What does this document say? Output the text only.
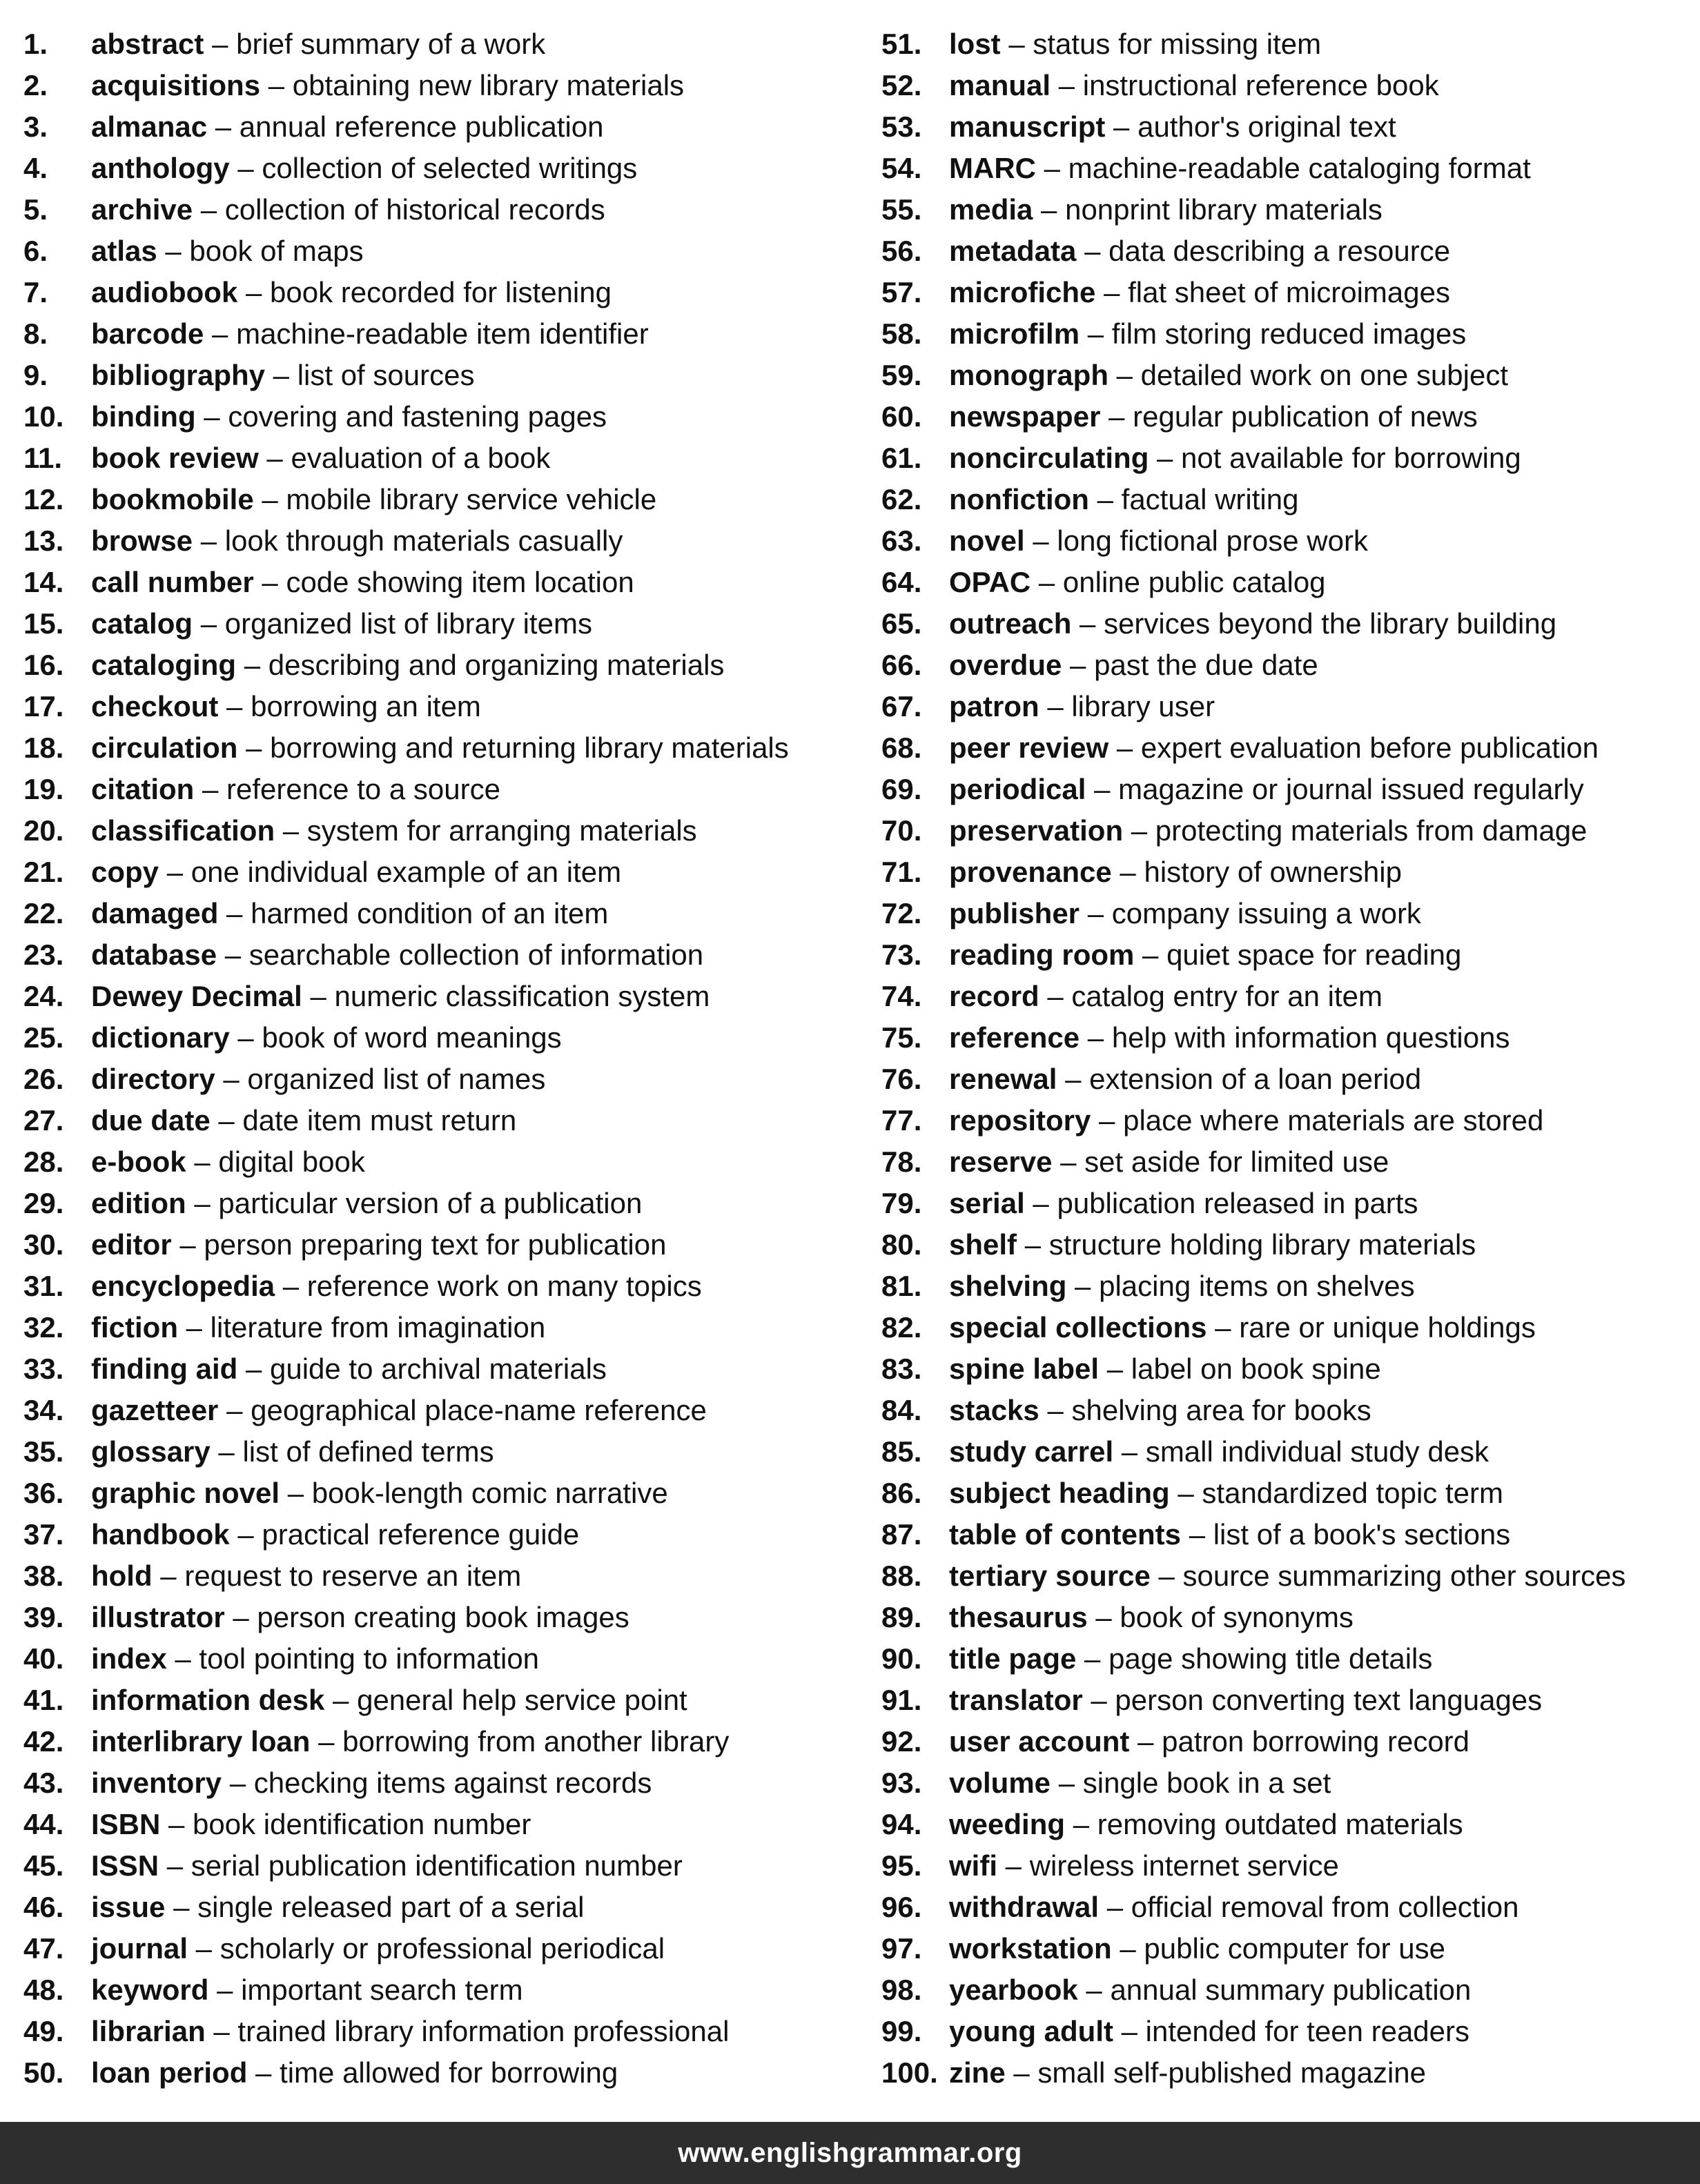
1. abstract – brief summary of a work
2. acquisitions – obtaining new library materials
3. almanac – annual reference publication
4. anthology – collection of selected writings
5. archive – collection of historical records
6. atlas – book of maps
7. audiobook – book recorded for listening
8. barcode – machine-readable item identifier
9. bibliography – list of sources
10. binding – covering and fastening pages
11. book review – evaluation of a book
12. bookmobile – mobile library service vehicle
13. browse – look through materials casually
14. call number – code showing item location
15. catalog – organized list of library items
16. cataloging – describing and organizing materials
17. checkout – borrowing an item
18. circulation – borrowing and returning library materials
19. citation – reference to a source
20. classification – system for arranging materials
21. copy – one individual example of an item
22. damaged – harmed condition of an item
23. database – searchable collection of information
24. Dewey Decimal – numeric classification system
25. dictionary – book of word meanings
26. directory – organized list of names
27. due date – date item must return
28. e-book – digital book
29. edition – particular version of a publication
30. editor – person preparing text for publication
31. encyclopedia – reference work on many topics
32. fiction – literature from imagination
33. finding aid – guide to archival materials
34. gazetteer – geographical place-name reference
35. glossary – list of defined terms
36. graphic novel – book-length comic narrative
37. handbook – practical reference guide
38. hold – request to reserve an item
39. illustrator – person creating book images
40. index – tool pointing to information
41. information desk – general help service point
42. interlibrary loan – borrowing from another library
43. inventory – checking items against records
44. ISBN – book identification number
45. ISSN – serial publication identification number
46. issue – single released part of a serial
47. journal – scholarly or professional periodical
48. keyword – important search term
49. librarian – trained library information professional
50. loan period – time allowed for borrowing
51. lost – status for missing item
52. manual – instructional reference book
53. manuscript – author's original text
54. MARC – machine-readable cataloging format
55. media – nonprint library materials
56. metadata – data describing a resource
57. microfiche – flat sheet of microimages
58. microfilm – film storing reduced images
59. monograph – detailed work on one subject
60. newspaper – regular publication of news
61. noncirculating – not available for borrowing
62. nonfiction – factual writing
63. novel – long fictional prose work
64. OPAC – online public catalog
65. outreach – services beyond the library building
66. overdue – past the due date
67. patron – library user
68. peer review – expert evaluation before publication
69. periodical – magazine or journal issued regularly
70. preservation – protecting materials from damage
71. provenance – history of ownership
72. publisher – company issuing a work
73. reading room – quiet space for reading
74. record – catalog entry for an item
75. reference – help with information questions
76. renewal – extension of a loan period
77. repository – place where materials are stored
78. reserve – set aside for limited use
79. serial – publication released in parts
80. shelf – structure holding library materials
81. shelving – placing items on shelves
82. special collections – rare or unique holdings
83. spine label – label on book spine
84. stacks – shelving area for books
85. study carrel – small individual study desk
86. subject heading – standardized topic term
87. table of contents – list of a book's sections
88. tertiary source – source summarizing other sources
89. thesaurus – book of synonyms
90. title page – page showing title details
91. translator – person converting text languages
92. user account – patron borrowing record
93. volume – single book in a set
94. weeding – removing outdated materials
95. wifi – wireless internet service
96. withdrawal – official removal from collection
97. workstation – public computer for use
98. yearbook – annual summary publication
99. young adult – intended for teen readers
100. zine – small self-published magazine
www.englishgrammar.org
